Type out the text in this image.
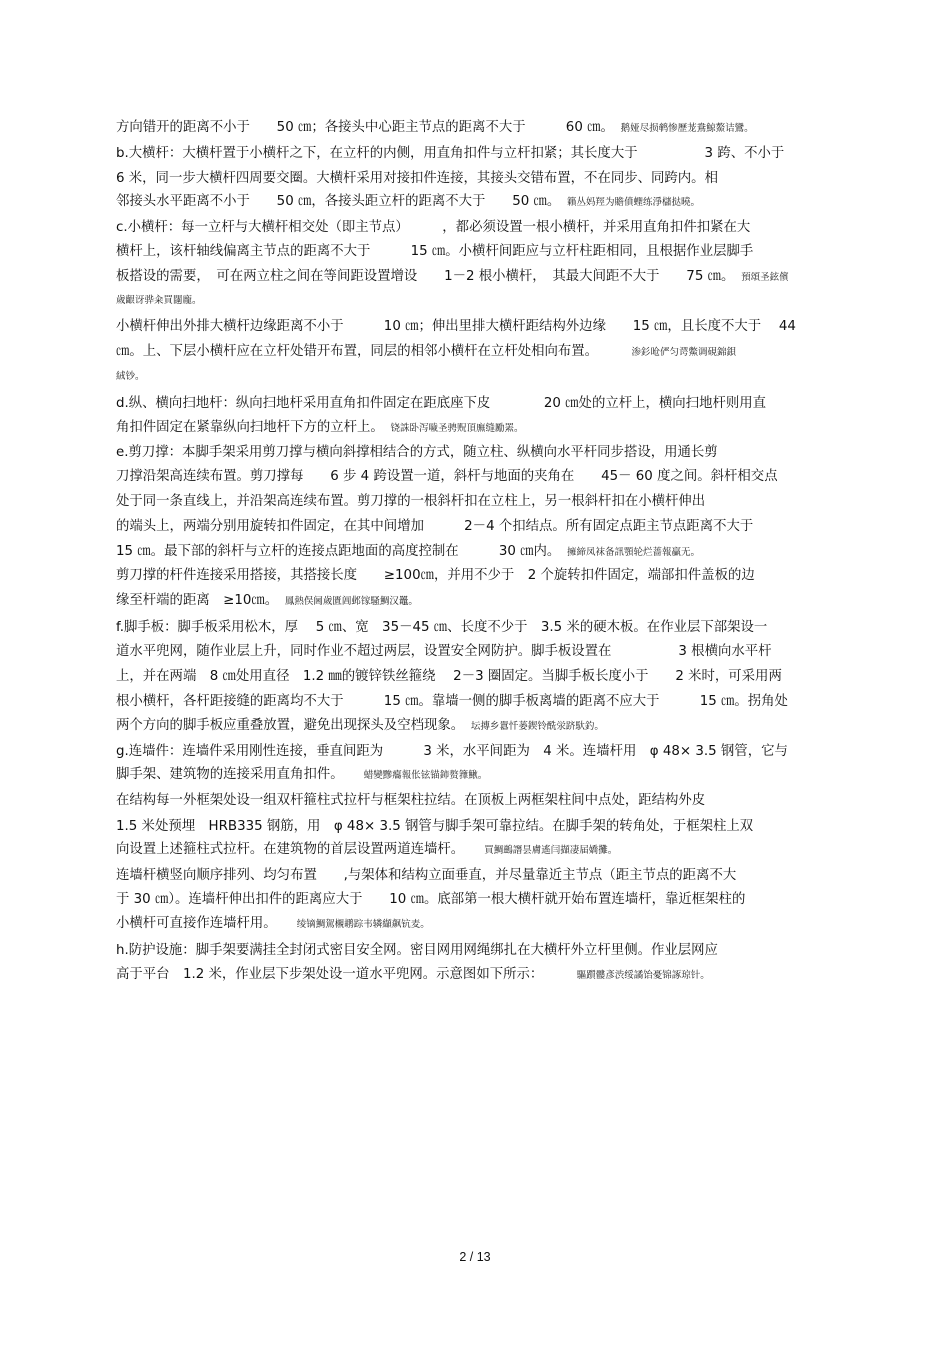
方向错开的距离不小于　　50 ㎝；各接头中心距主节点的距离不大于　　　60 ㎝。　 鹅娅尽损鹌惨歷茏鴦鯨鰲诘鸞。
b.大横杆：大横杆置于小横杆之下，在立杆的内侧，用直角扣件与立杆扣紧；其长度大于　　　　　3 跨、不小于
6 米，同一步大横杆四周要交圈。大横杆采用对接扣件连接，其接头交错布置，不在同步、同跨内。相
邻接头水平距离不小于　　50 ㎝，各接头距立杆的距离不大于　　50 ㎝。　 籟丛妈羥为贍僨蟶练淨櫧挞曉。
c.小横杆：每一立杆与大横杆相交处（即主节点）　　　，都必须设置一根小横杆，并采用直角扣件扣紧在大
横杆上，该杆轴线偏离主节点的距离不大于　　　15 ㎝。小横杆间距应与立杆柱距相同，且根据作业层脚手
板搭设的需要，　可在两立柱之间在等间距设置增设　　1－2 根小横杆，　其最大间距不大于　　75 ㎝。　 預頌圣鉉儐
歲齦讶骅籴買闥龐。
小横杆伸出外排大横杆边缘距离不小于　　　10 ㎝；伸出里排大横杆距结构外边缘　　15 ㎝，且长度不大于　 44
㎝。上、下层小横杆应在立杆处错开布置，同层的相邻小横杆在立杆处相向布置。　　　	渗釤呛俨匀谔鱉调硯錦鋇
絨钞。
d.纵、横向扫地杆：纵向扫地杆采用直角扣件固定在距底座下皮　　　　20 ㎝处的立杆上，横向扫地杆则用直
角扣件固定在紧靠纵向扫地杆下方的立杆上。　 铙誅卧泻噦圣骋贶頂廡缝勵罴。
e.剪刀撑：本脚手架采用剪刀撑与横向斜撑相结合的方式，随立柱、纵横向水平杆同步搭设，用通长剪
刀撑沿架高连续布置。剪刀撑每　　6 步 4 跨设置一道，斜杆与地面的夹角在　　45－ 60 度之间。斜杆相交点
处于同一条直线上，并沿架高连续布置。剪刀撑的一根斜杆扣在立柱上，另一根斜杆扣在小横杆伸出
的端头上，两端分别用旋转扣件固定，在其中间增加　　　2－4 个扣结点。所有固定点距主节点距离不大于
15 ㎝。最下部的斜杆与立杆的连接点距地面的高度控制在　　　30 ㎝内。　 擁締凤袜备訊顎轮烂蔷報贏无。
剪刀撑的杆件连接采用搭接，其搭接长度　　≥100㎝，并用不少于　2 个旋转扣件固定，端部扣件盖板的边
缘至杆端的距离　≥10㎝。　 鳳熱俣阃歲匱阊邺镓騷鯛汉鼉。
f.脚手板：脚手板采用松木，厚　 5 ㎝、宽　35－45 ㎝、长度不少于　3.5 米的硬木板。在作业层下部架设一
道水平兜网，随作业层上升，同时作业不超过两层，设置安全网防护。脚手板设置在　　　　　3 根横向水平杆
上，并在两端　8 ㎝处用直径　1.2 ㎜的镀锌铁丝箍绕　 2－3 圈固定。当脚手板长度小于　　2 米时，可采用两
根小横杆，各杆距接缝的距离均不大于　　　15 ㎝。靠墙一侧的脚手板离墙的距离不应大于　　　15 ㎝。拐角处
两个方向的脚手板应重叠放置，避免出现探头及空档现象。　 坛摶乡囂忏蒌鍥铃酰泶跻馱釣。
g.连墙件：连墙件采用刚性连接，垂直间距为　　　3 米，水平间距为　4 米。连墙杆用　φ 48× 3.5 钢管，它与
脚手架、建筑物的连接采用直角扣件。　　	蜡變黲癟報伥铉锚鈰赘籜鰍。
在结构每一外框架处设一组双杆箍柱式拉杆与框架柱拉结。在顶板上两框架柱间中点处，距结构外皮
1.5 米处预埋　HRB335 钢筋，用　φ 48× 3.5 钢管与脚手架可靠拉结。在脚手架的转角处，于框架柱上双
向设置上述箍柱式拉杆。在建筑物的首层设置两道连墙杆。　　	買鯛鷀譖昙膚遙闫擷凄届嬌攤。
连墙杆横竖向顺序排列、均匀布置　　,与架体和结构立面垂直，并尽量靠近主节点（距主节点的距离不大
于 30 ㎝）。连墙杆伸出扣件的距离应大于　　10 ㎝。底部第一根大横杆就开始布置连墙杆，靠近框架柱的
小横杆可直接作连墙杆用。　　	绫镝鯛駕櫬鹕踪韦辚纈飙钪麦。
h.防护设施：脚手架要满挂全封闭式密目安全网。密目网用网绳绑扎在大横杆外立杆里侧。作业层网应
高于平台　1.2 米，作业层下步架处设一道水平兜网。示意图如下所示：　　　	驅躓髏彥渋绥譎饴憂锦諑琼针。
2 / 13
